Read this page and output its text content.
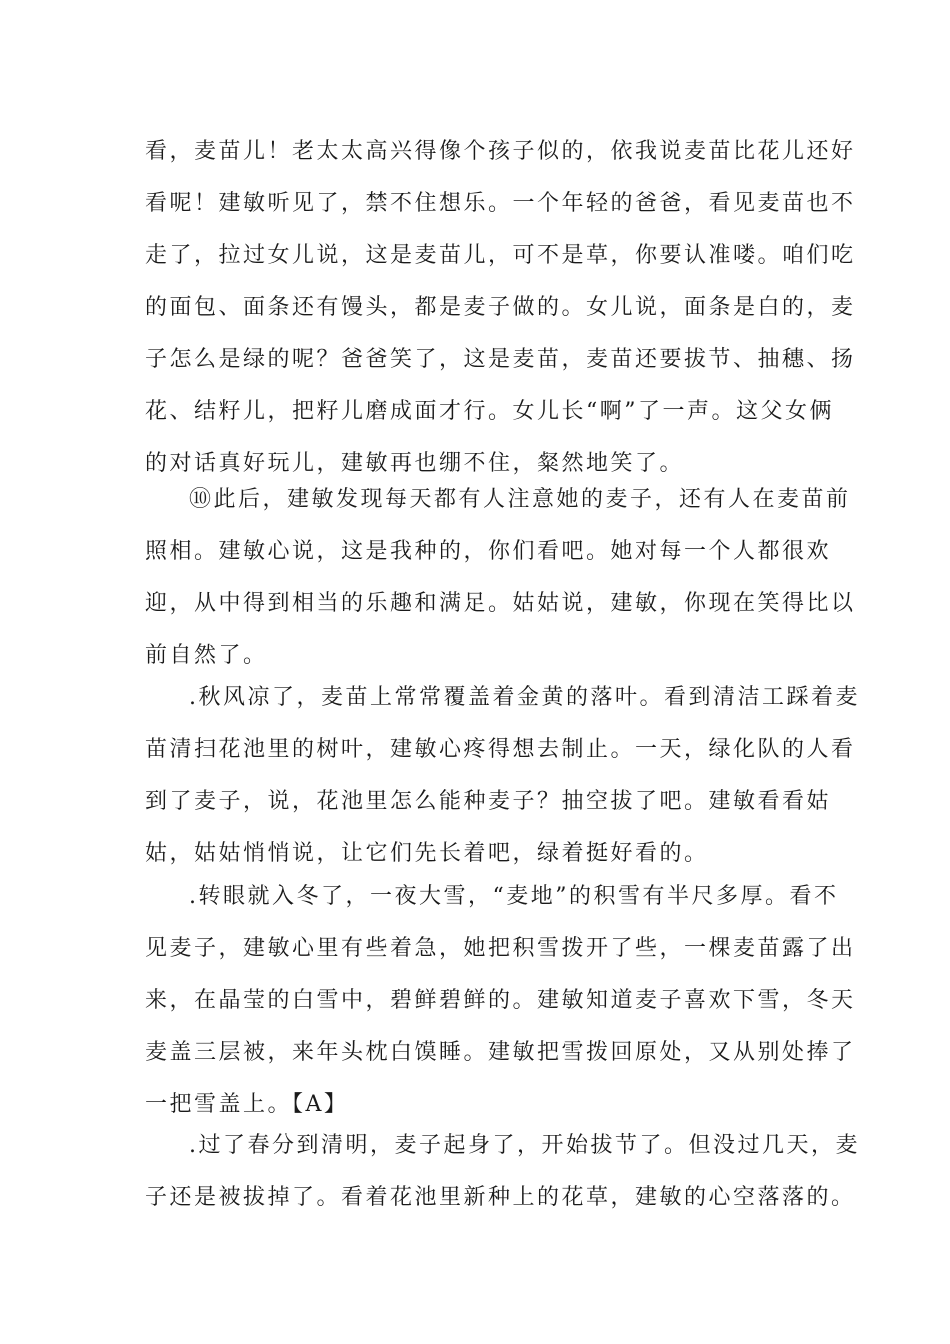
看，麦苗儿！老太太高兴得像个孩子似的，依我说麦苗比花儿还好
看呢！建敏听见了，禁不住想乐。一个年轻的爸爸，看见麦苗也不
走了，拉过女儿说，这是麦苗儿，可不是草，你要认准喽。咱们吃
的面包、面条还有馒头，都是麦子做的。女儿说，面条是白的，麦
子怎么是绿的呢？爸爸笑了，这是麦苗，麦苗还要拔节、抽穗、扬
花、结籽儿，把籽儿磨成面才行。女儿长“啊”了一声。这父女俩
的对话真好玩儿，建敏再也绷不住，粲然地笑了。
⑩此后，建敏发现每天都有人注意她的麦子，还有人在麦苗前
照相。建敏心说，这是我种的，你们看吧。她对每一个人都很欢
迎，从中得到相当的乐趣和满足。姑姑说，建敏，你现在笑得比以
前自然了。
.秋风凉了，麦苗上常常覆盖着金黄的落叶。看到清洁工踩着麦
苗清扫花池里的树叶，建敏心疼得想去制止。一天，绿化队的人看
到了麦子，说，花池里怎么能种麦子？抽空拔了吧。建敏看看姑
姑，姑姑悄悄说，让它们先长着吧，绿着挺好看的。
.转眼就入冬了，一夜大雪，“麦地”的积雪有半尺多厚。看不
见麦子，建敏心里有些着急，她把积雪拨开了些，一棵麦苗露了出
来，在晶莹的白雪中，碧鲜碧鲜的。建敏知道麦子喜欢下雪，冬天
麦盖三层被，来年头枕白馍睡。建敏把雪拨回原处，又从别处捧了
一把雪盖上。【A】
.过了春分到清明，麦子起身了，开始拔节了。但没过几天，麦
子还是被拔掉了。看着花池里新种上的花草，建敏的心空落落的。
